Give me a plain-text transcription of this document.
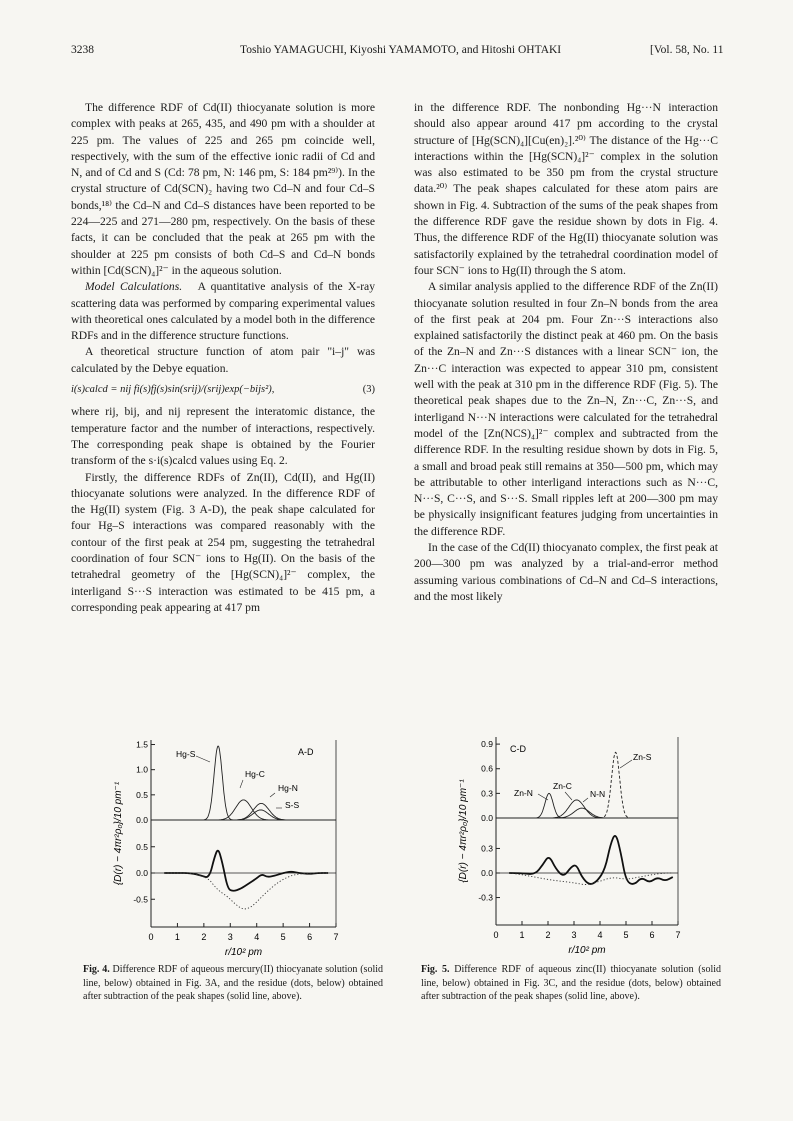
3238	Toshio YAMAGUCHI, Kiyoshi YAMAMOTO, and Hitoshi OHTAKI	[Vol. 58, No. 11

The difference RDF of Cd(II) thiocyanate solution is more complex with peaks at 265, 435, and 490 pm with a shoulder at 225 pm. The values of 225 and 265 pm coincide well, respectively, with the sum of the effective ionic radii of Cd and N, and of Cd and S (Cd: 78 pm, N: 146 pm, S: 184 pm²⁹⁾). In the crystal structure of Cd(SCN)₂ having two Cd–N and four Cd–S bonds,¹⁸⁾ the Cd–N and Cd–S distances have been reported to be 224—225 and 271—280 pm, respectively. On the basis of these facts, it can be concluded that the peak at 265 pm with the shoulder at 225 pm consists of both Cd–S and Cd–N bonds within [Cd(SCN)₄]²⁻ in the aqueous solution.

Model Calculations. A quantitative analysis of the X-ray scattering data was performed by comparing experimental values with theoretical ones calculated by a model both in the difference RDFs and in the difference structure functions.

A theoretical structure function of atom pair "i–j" was calculated by the Debye equation.

i(s)calcd = nij fi(s)fj(s)sin(srij)/(srij)exp(−bijs²),	(3)

where rij, bij, and nij represent the interatomic distance, the temperature factor and the number of interactions, respectively. The corresponding peak shape is obtained by the Fourier transform of the s·i(s)calcd values using Eq. 2.

Firstly, the difference RDFs of Zn(II), Cd(II), and Hg(II) thiocyanate solutions were analyzed. In the difference RDF of the Hg(II) system (Fig. 3 A-D), the peak shape calculated for four Hg–S interactions was compared reasonably with the contour of the first peak at 254 pm, suggesting the tetrahedral coordination of four SCN⁻ ions to Hg(II). On the basis of the tetrahedral geometry of the [Hg(SCN)₄]²⁻ complex, the interligand S···S interaction was estimated to be 415 pm, a corresponding peak appearing at 417 pm

in the difference RDF. The nonbonding Hg···N interaction should also appear around 417 pm according to the crystal structure of [Hg(SCN)₄][Cu(en)₂].²⁰⁾ The distance of the Hg···C interactions within the [Hg(SCN)₄]²⁻ complex in the solution was also estimated to be 350 pm from the crystal structure data.²⁰⁾ The peak shapes calculated for these atom pairs are shown in Fig. 4. Subtraction of the sums of the peak shapes from the difference RDF gave the residue shown by dots in Fig. 4. Thus, the difference RDF of the Hg(II) thiocyanate solution was satisfactorily explained by the tetrahedral coordination model of four SCN⁻ ions to Hg(II) through the S atom.

A similar analysis applied to the difference RDF of the Zn(II) thiocyanate solution resulted in four Zn–N bonds from the area of the first peak at 204 pm. Four Zn···S interactions also explained satisfactorily the distinct peak at 460 pm. On the basis of the Zn–N and Zn···S distances with a linear SCN⁻ ion, the Zn···C interaction was expected to appear 310 pm, consistent well with the peak at 310 pm in the difference RDF (Fig. 5). The theoretical peak shapes due to the Zn–N, Zn···C, Zn···S, and interligand N···N interactions were calculated for the tetrahedral model of the [Zn(NCS)₄]²⁻ complex and subtracted from the difference RDF. In the resulting residue shown by dots in Fig. 5, a small and broad peak still remains at 350—500 pm, which may be attributable to other interligand interactions such as N···C, N···S, C···S, and S···S. Small ripples left at 200—300 pm may be physically insignificant features judging from uncertainties in the difference RDF.

In the case of the Cd(II) thiocyanato complex, the first peak at 200—300 pm was analyzed by a trial-and-error method assuming various combinations of Cd–N and Cd–S interactions, and the most likely

0 1 2 3 4 5 6 7
1.5
1.0
0.5
0.0
0.5
0.0
-0.5
{D(r) − 4πr²ρ₀}/10 pm⁻¹
r/10² pm
A-D
Hg-S
Hg-C
Hg-N
S-S
0 1 2 3 4 5 6 7
0.9
0.6
0.3
0.0
0.3
0.0
-0.3
{D(r) − 4πr²ρ₀}/10 pm⁻¹
r/10² pm
C-D
Zn-N
Zn-C
N-N
Zn-S
Fig. 4. Difference RDF of aqueous mercury(II) thiocyanate solution (solid line, below) obtained in Fig. 3A, and the residue (dots, below) obtained after subtraction of the peak shapes (solid line, above).
Fig. 5. Difference RDF of aqueous zinc(II) thiocyanate solution (solid line, below) obtained in Fig. 3C, and the residue (dots, below) obtained after subtraction of the peak shapes (solid line, above).
